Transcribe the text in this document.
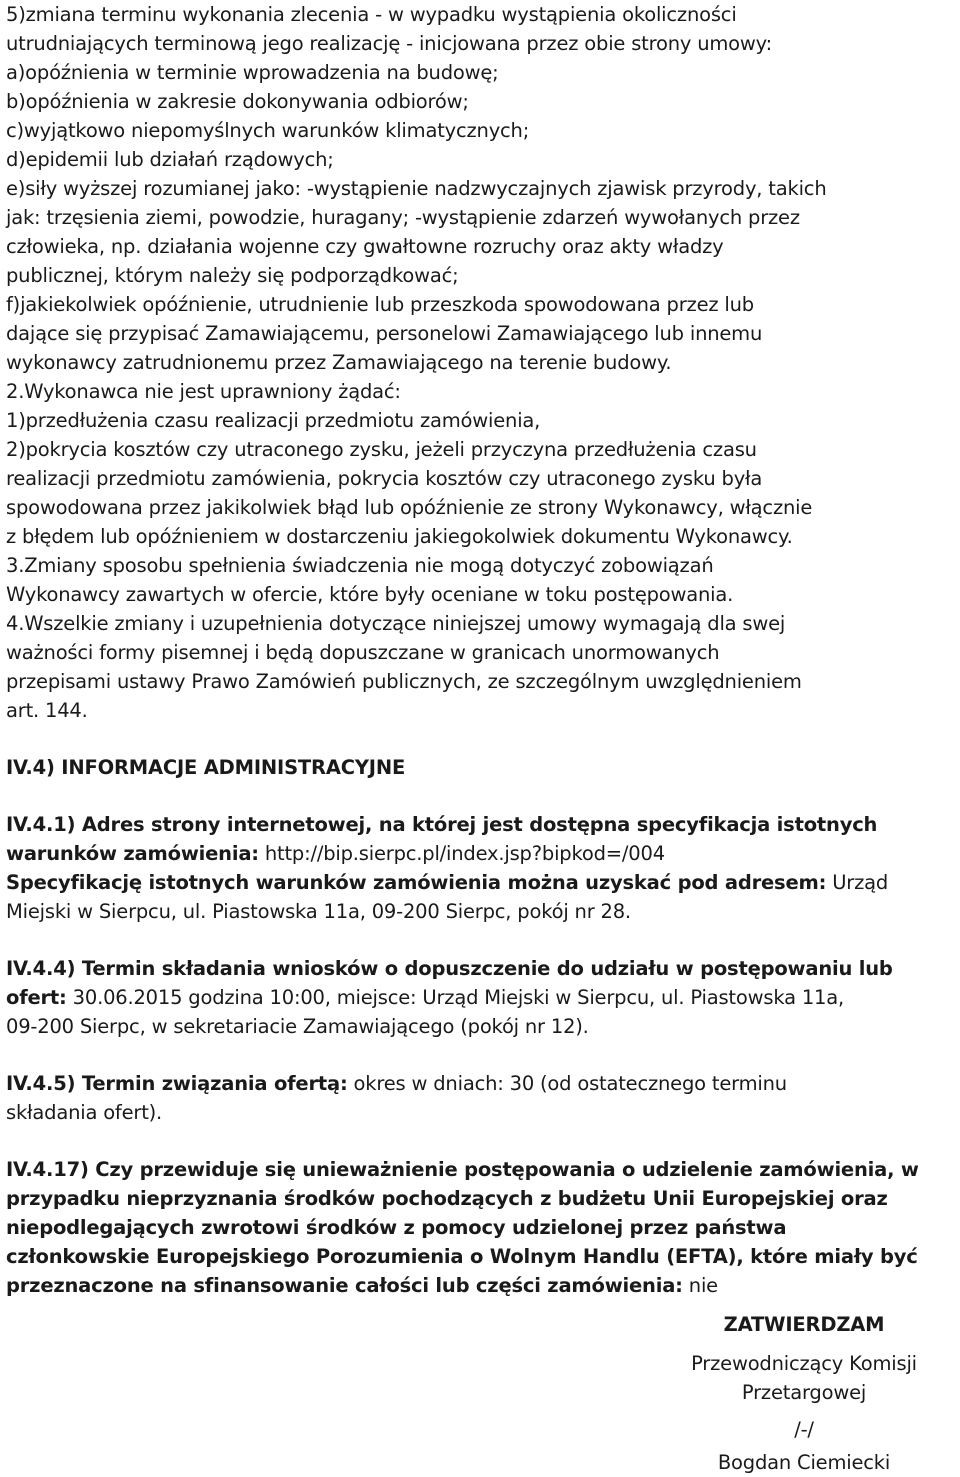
5)zmiana terminu wykonania zlecenia - w wypadku wystąpienia okoliczności
utrudniających terminową jego realizację - inicjowana przez obie strony umowy:
a)opóźnienia w terminie wprowadzenia na budowę;
b)opóźnienia w zakresie dokonywania odbiorów;
c)wyjątkowo niepomyślnych warunków klimatycznych;
d)epidemii lub działań rządowych;
e)siły wyższej rozumianej jako: -wystąpienie nadzwyczajnych zjawisk przyrody, takich
jak: trzęsienia ziemi, powodzie, huragany; -wystąpienie zdarzeń wywołanych przez
człowieka, np. działania wojenne czy gwałtowne rozruchy oraz akty władzy
publicznej, którym należy się podporządkować;
f)jakiekolwiek opóźnienie, utrudnienie lub przeszkoda spowodowana przez lub
dające się przypisać Zamawiającemu, personelowi Zamawiającego lub innemu
wykonawcy zatrudnionemu przez Zamawiającego na terenie budowy.
2.Wykonawca nie jest uprawniony żądać:
1)przedłużenia czasu realizacji przedmiotu zamówienia,
2)pokrycia kosztów czy utraconego zysku, jeżeli przyczyna przedłużenia czasu
realizacji przedmiotu zamówienia, pokrycia kosztów czy utraconego zysku była
spowodowana przez jakikolwiek błąd lub opóźnienie ze strony Wykonawcy, włącznie
z błędem lub opóźnieniem w dostarczeniu jakiegokolwiek dokumentu Wykonawcy.
3.Zmiany sposobu spełnienia świadczenia nie mogą dotyczyć zobowiązań
Wykonawcy zawartych w ofercie, które były oceniane w toku postępowania.
4.Wszelkie zmiany i uzupełnienia dotyczące niniejszej umowy wymagają dla swej
ważności formy pisemnej i będą dopuszczane w granicach unormowanych
przepisami ustawy Prawo Zamówień publicznych, ze szczególnym uwzględnieniem
art. 144.
IV.4) INFORMACJE ADMINISTRACYJNE
IV.4.1) Adres strony internetowej, na której jest dostępna specyfikacja istotnych
warunków zamówienia: http://bip.sierpc.pl/index.jsp?bipkod=/004
Specyfikację istotnych warunków zamówienia można uzyskać pod adresem: Urząd
Miejski w Sierpcu, ul. Piastowska 11a, 09-200 Sierpc, pokój nr 28.
IV.4.4) Termin składania wniosków o dopuszczenie do udziału w postępowaniu lub
ofert: 30.06.2015 godzina 10:00, miejsce: Urząd Miejski w Sierpcu, ul. Piastowska 11a,
09-200 Sierpc, w sekretariacie Zamawiającego (pokój nr 12).
IV.4.5) Termin związania ofertą: okres w dniach: 30 (od ostatecznego terminu
składania ofert).
IV.4.17) Czy przewiduje się unieważnienie postępowania o udzielenie zamówienia, w
przypadku nieprzyznania środków pochodzących z budżetu Unii Europejskiej oraz
niepodlegających zwrotowi środków z pomocy udzielonej przez państwa
członkowskie Europejskiego Porozumienia o Wolnym Handlu (EFTA), które miały być
przeznaczone na sfinansowanie całości lub części zamówienia: nie
ZATWIERDZAM
Przewodniczący Komisji
Przetargowej
/-/
Bogdan Ciemiecki
